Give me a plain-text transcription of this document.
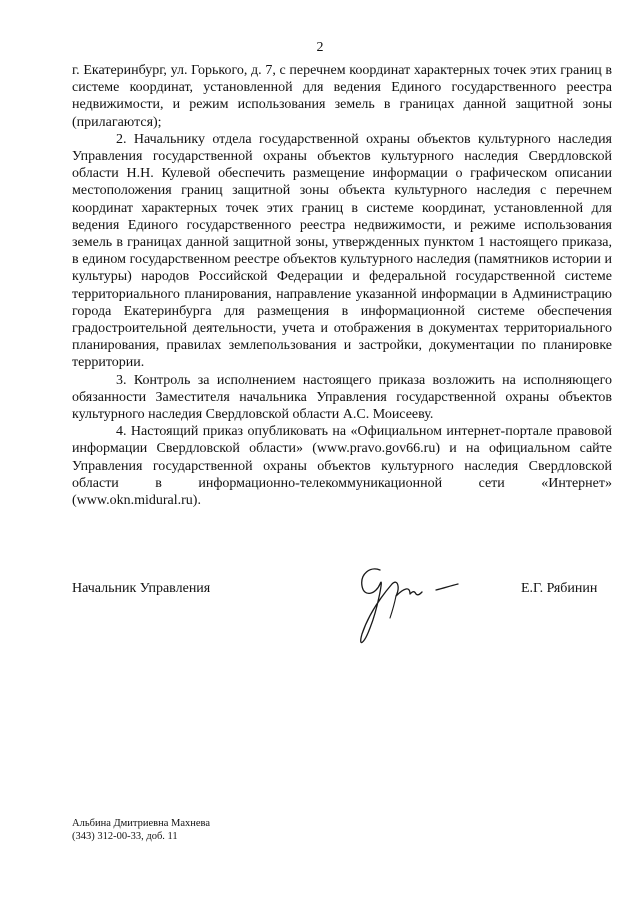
2

г. Екатеринбург, ул. Горького, д. 7, с перечнем координат характерных точек этих границ в системе координат, установленной для ведения Единого государственного реестра недвижимости, и режим использования земель в границах данной защитной зоны (прилагаются);

2. Начальнику отдела государственной охраны объектов культурного наследия Управления государственной охраны объектов культурного наследия Свердловской области Н.Н. Кулевой обеспечить размещение информации о графическом описании местоположения границ защитной зоны объекта культурного наследия с перечнем координат характерных точек этих границ в системе координат, установленной для ведения Единого государственного реестра недвижимости, и режиме использования земель в границах данной защитной зоны, утвержденных пунктом 1 настоящего приказа, в едином государственном реестре объектов культурного наследия (памятников истории и культуры) народов Российской Федерации и федеральной государственной системе территориального планирования, направление указанной информации в Администрацию города Екатеринбурга для размещения в информационной системе обеспечения градостроительной деятельности, учета и отображения в документах территориального планирования, правилах землепользования и застройки, документации по планировке территории.

3. Контроль за исполнением настоящего приказа возложить на исполняющего обязанности Заместителя начальника Управления государственной охраны объектов культурного наследия Свердловской области А.С. Моисееву.

4. Настоящий приказ опубликовать на «Официальном интернет-портале правовой информации Свердловской области» (www.pravo.gov66.ru) и на официальном сайте Управления государственной охраны объектов культурного наследия Свердловской области в информационно-телекоммуникационной сети «Интернет» (www.okn.midural.ru).

Начальник Управления	Е.Г. Рябинин
Альбина Дмитриевна Махнева
(343) 312-00-33, доб. 11
